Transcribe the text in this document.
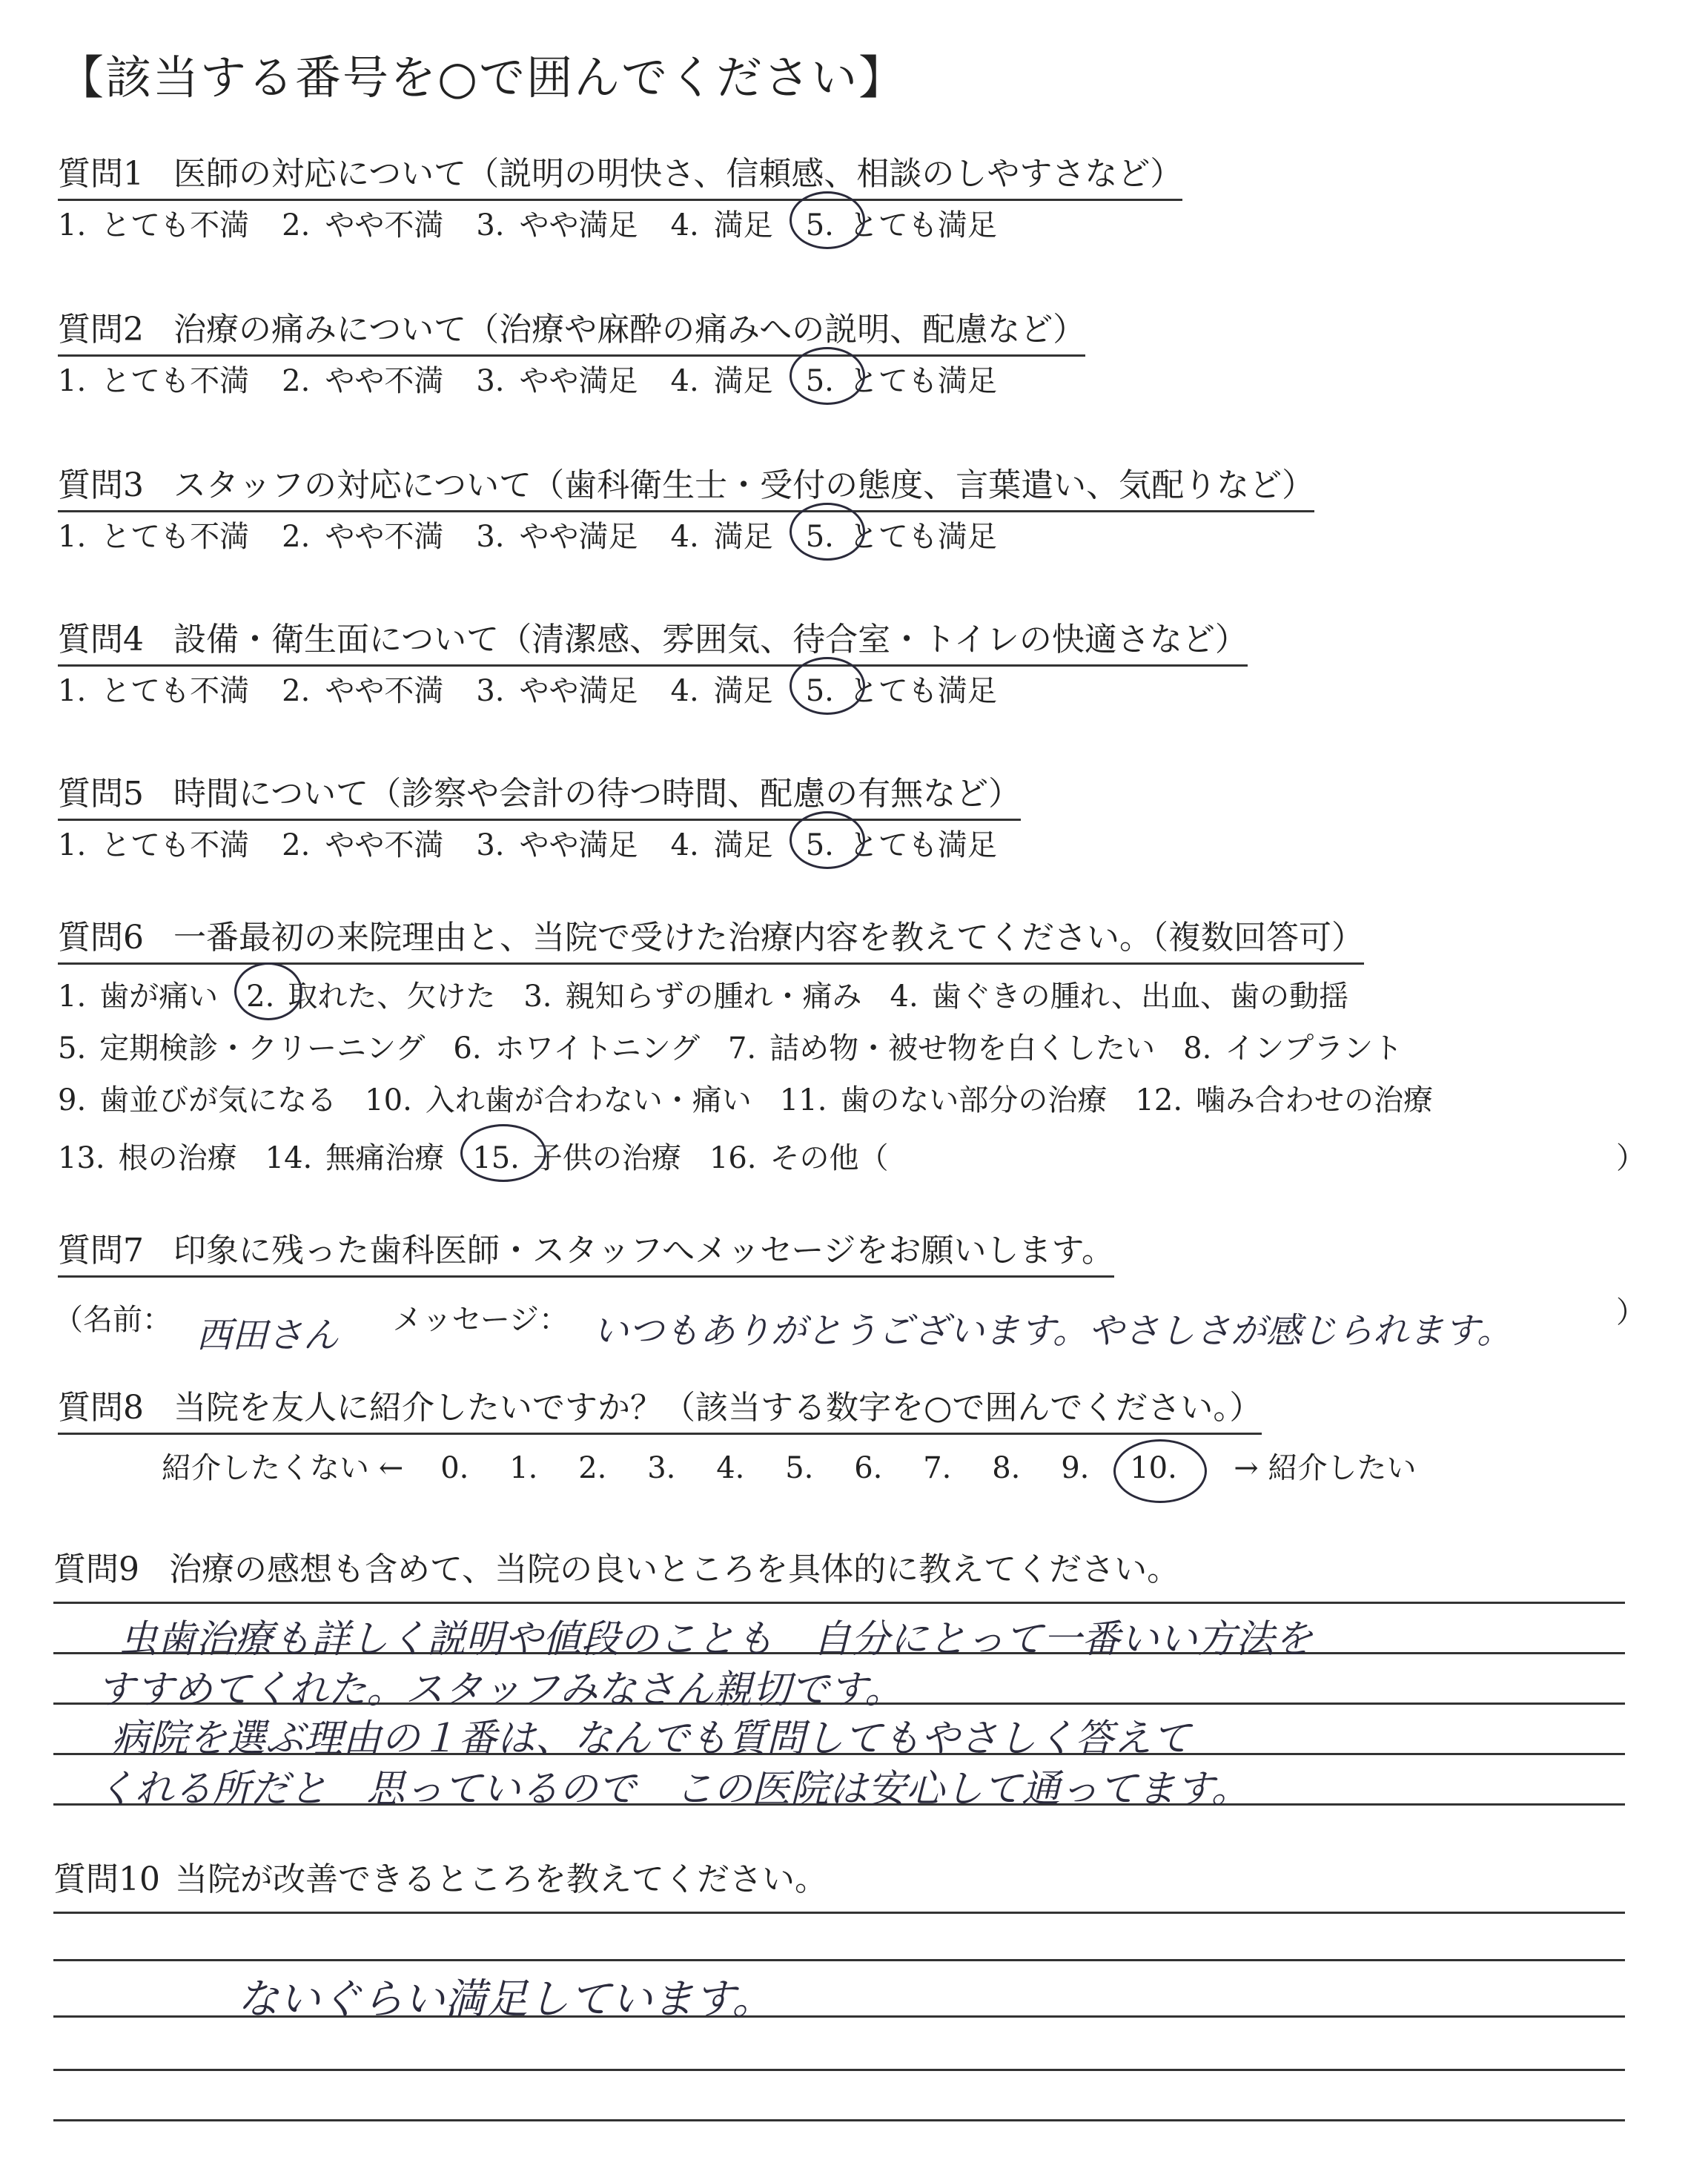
【該当する番号を○で囲んでください】
質問1 医師の対応について（説明の明快さ、信頼感、相談のしやすさなど）
1. とても不満 2. やや不満 3. やや満足 4. 満足 5. とても満足
質問2 治療の痛みについて（治療や麻酔の痛みへの説明、配慮など）
1. とても不満 2. やや不満 3. やや満足 4. 満足 5. とても満足
質問3 スタッフの対応について（歯科衛生士・受付の態度、言葉遣い、気配りなど）
1. とても不満 2. やや不満 3. やや満足 4. 満足 5. とても満足
質問4 設備・衛生面について（清潔感、雰囲気、待合室・トイレの快適さなど）
1. とても不満 2. やや不満 3. やや満足 4. 満足 5. とても満足
質問5 時間について（診察や会計の待つ時間、配慮の有無など）
1. とても不満 2. やや不満 3. やや満足 4. 満足 5. とても満足
質問6 一番最初の来院理由と、当院で受けた治療内容を教えてください。（複数回答可）
1. 歯が痛い 2. 取れた、欠けた 3. 親知らずの腫れ・痛み 4. 歯ぐきの腫れ、出血、歯の動揺
5. 定期検診・クリーニング 6. ホワイトニング 7. 詰め物・被せ物を白くしたい 8. インプラント
9. 歯並びが気になる 10. 入れ歯が合わない・痛い 11. 歯のない部分の治療 12. 噛み合わせの治療
13. 根の治療 14. 無痛治療 15. 子供の治療 16. その他（	）
質問7 印象に残った歯科医師・スタッフへメッセージをお願いします。
（名前： 西田さん メッセージ： いつもありがとうございます。やさしさが感じられます。	）
質問8 当院を友人に紹介したいですか？（該当する数字を○で囲んでください。）
紹介したくない ← 0. 1. 2. 3. 4. 5. 6. 7. 8. 9. 10. → 紹介したい
質問9 治療の感想も含めて、当院の良いところを具体的に教えてください。
虫歯治療も詳しく説明や値段のことも　自分にとって一番いい方法を
すすめてくれた。スタッフみなさん親切です。
病院を選ぶ理由の１番は、なんでも質問してもやさしく答えて
くれる所だと　思っているので　この医院は安心して通ってます。
質問10 当院が改善できるところを教えてください。
ないぐらい満足しています。
